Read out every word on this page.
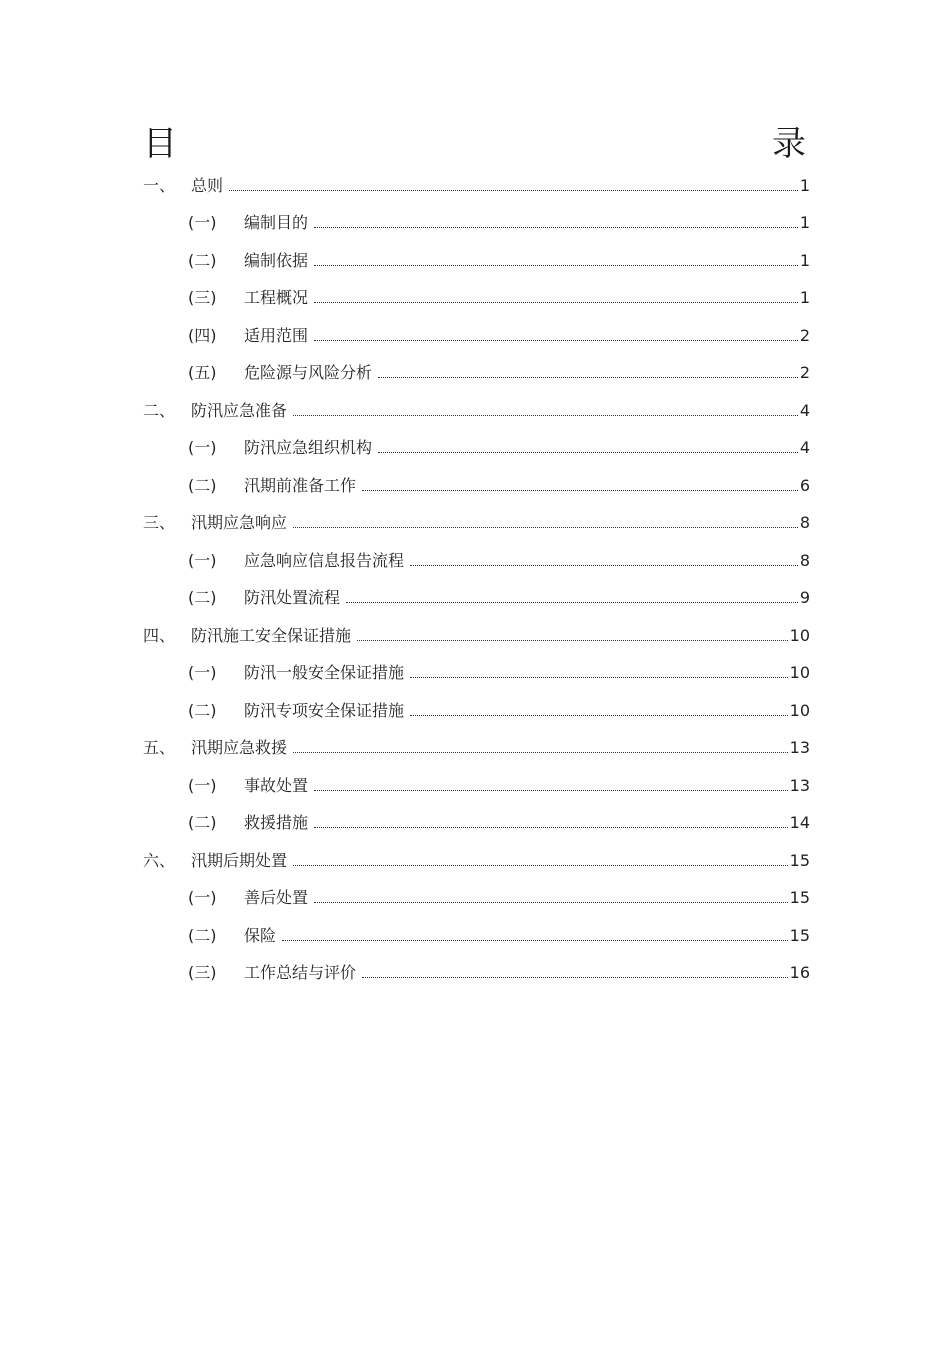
目	录
一、 总则	1
(一)	编制目的	1
(二)	编制依据	1
(三)	工程概况	1
(四)	适用范围	2
(五)	危险源与风险分析	2
二、 防汛应急准备	4
(一)	防汛应急组织机构	4
(二)	汛期前准备工作	6
三、 汛期应急响应	8
(一)	应急响应信息报告流程	8
(二)	防汛处置流程	9
四、 防汛施工安全保证措施	10
(一)	防汛一般安全保证措施	10
(二)	防汛专项安全保证措施	10
五、 汛期应急救援	13
(一)	事故处置	13
(二)	救援措施	14
六、 汛期后期处置	15
(一)	善后处置	15
(二)	保险	15
(三)	工作总结与评价	16
